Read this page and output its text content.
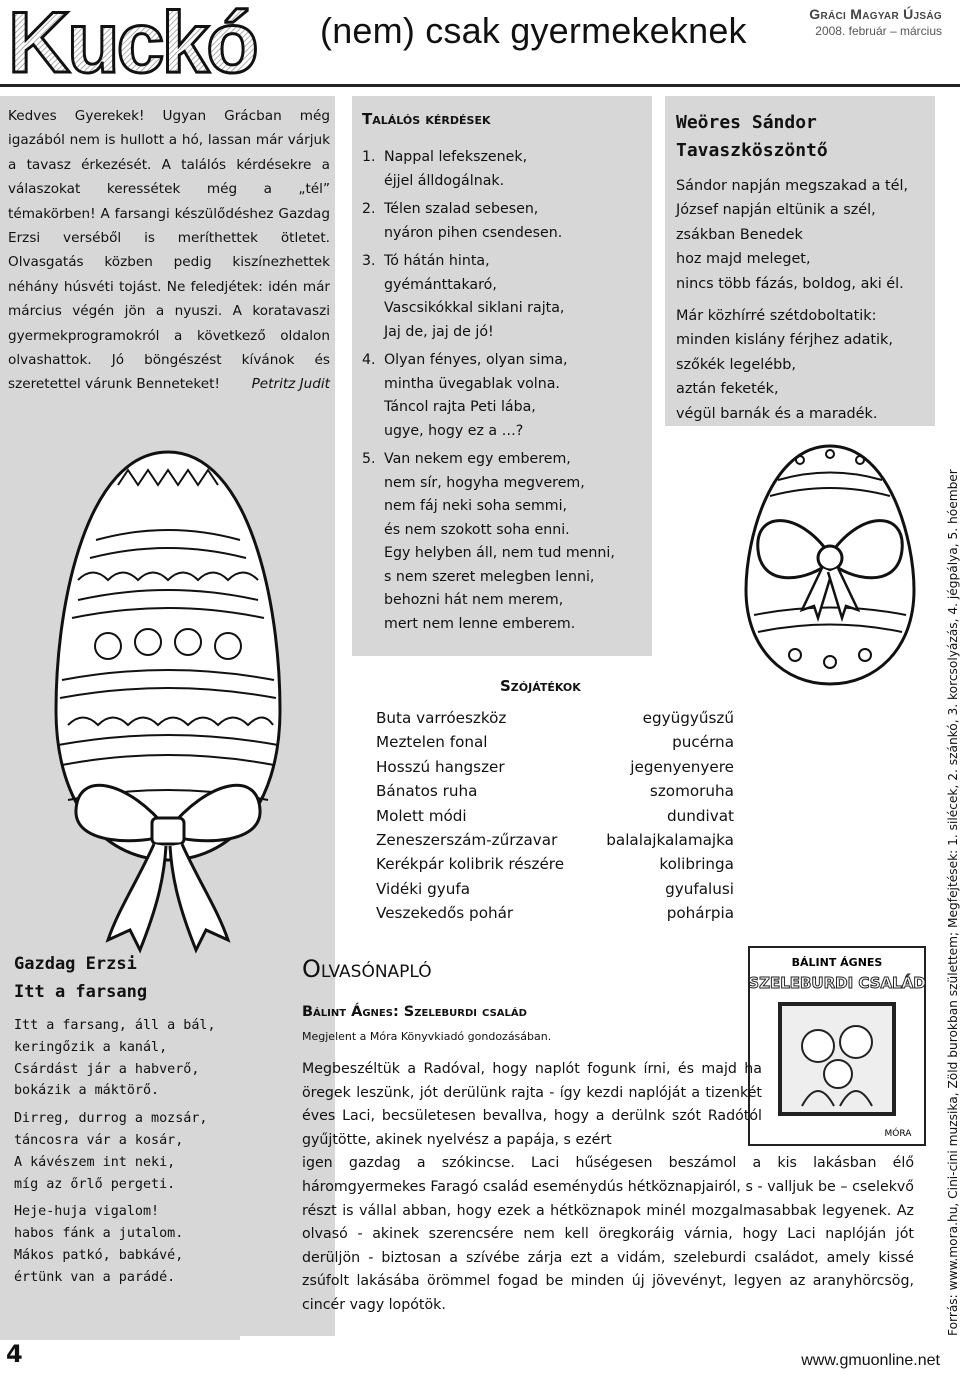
Kuckó (nem) csak gyermekeknek	Gráci Magyar Újság
2008. február – március
Kedves Gyerekek! Ugyan Grácban még igazából nem is hullott a hó, lassan már várjuk a tavasz érkezését. A találós kérdésekre a válaszokat keressétek még a „tél” témakörben! A farsangi készülődéshez Gazdag Erzsi verséből is meríthettek ötletet. Olvasgatás közben pedig kiszínezhettek néhány húsvéti tojást. Ne feledjétek: idén már március végén jön a nyuszi. A koratavaszi gyermekprogramokról a következő oldalon olvashattok. Jó böngészést kívánok és szeretettel várunk Benneteket! Petritz Judit
Találós kérdések
1. Nappal lefekszenek,
éjjel álldogálnak.
2. Télen szalad sebesen,
nyáron pihen csendesen.
3. Tó hátán hinta,
gyémánttakaró,
Vascsikókkal siklani rajta,
Jaj de, jaj de jó!
4. Olyan fényes, olyan sima,
mintha üvegablak volna.
Táncol rajta Peti lába,
ugye, hogy ez a …?
5. Van nekem egy emberem,
nem sír, hogyha megverem,
nem fáj neki soha semmi,
és nem szokott soha enni.
Egy helyben áll, nem tud menni,
s nem szeret melegben lenni,
behozni hát nem merem,
mert nem lenne emberem.
Weöres Sándor
Tavaszköszöntő
Sándor napján megszakad a tél,
József napján eltünik a szél,
zsákban Benedek
hoz majd meleget,
nincs több fázás, boldog, aki él.
Már közhírré szétdoboltatik:
minden kislány férjhez adatik,
szőkék legelébb,
aztán feketék,
végül barnák és a maradék.
Szójátékok
Buta varróeszköz	együgyűszű
Meztelen fonal	pucérna
Hosszú hangszer	jegenyenyere
Bánatos ruha	szomoruha
Molett módi	dundivat
Zeneszerszám-zűrzavar	balalajkalamajka
Kerékpár kolibrik részére	kolibringa
Vidéki gyufa	gyufalusi
Veszekedős pohár	pohárpia
Gazdag Erzsi
Itt a farsang
Itt a farsang, áll a bál,
keringőzik a kanál,
Csárdást jár a habverő,
bokázik a máktörő.
Dirreg, durrog a mozsár,
táncosra vár a kosár,
A kávészem int neki,
míg az őrlő pergeti.
Heje-huja vigalom!
habos fánk a jutalom.
Mákos patkó, babkávé,
értünk van a parádé.
Olvasónapló
Bálint Ágnes: Szeleburdi család
Megjelent a Móra Könyvkiadó gondozásában.
BÁLINT ÁGNES
SZELEBURDI CSALÁD
MÓRA
Megbeszéltük a Radóval, hogy naplót fogunk írni, és majd ha öregek leszünk, jót derülünk rajta - így kezdi naplóját a tizenkét éves Laci, becsületesen bevallva, hogy a derülnk szót Radótól gyűjtötte, akinek nyelvész a papája, s ezért
igen gazdag a szókincse. Laci hűségesen beszámol a kis lakásban élő háromgyermekes Faragó család eseménydús hétköznapjairól, s - valljuk be – cselekvő részt is vállal abban, hogy ezek a hétköznapok minél mozgalmasabbak legyenek. Az olvasó - akinek szerencsére nem kell öregkoráig várnia, hogy Laci naplóján jót derüljön - biztosan a szívébe zárja ezt a vidám, szeleburdi családot, amely kissé zsúfolt lakásába örömmel fogad be minden új jövevényt, legyen az aranyhörcsög, cincér vagy lopótök.
4	www.gmuonline.net
Forrás: www.mora.hu, Cini-cini muzsika, Zöld burokban születtem; Megfejtések: 1. silécek, 2. szánkó, 3. korcsolyázás, 4. jégpálya, 5. hóember
